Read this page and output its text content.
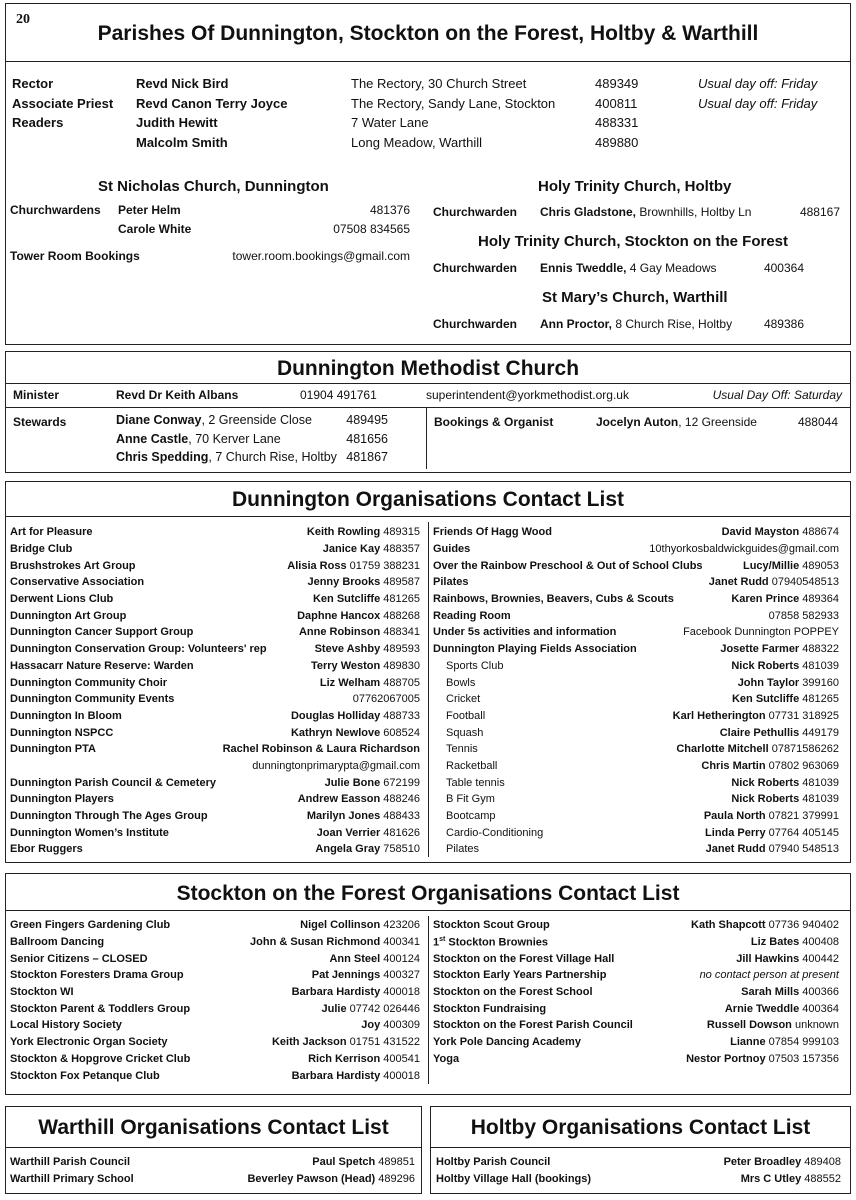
20
Parishes Of Dunnington, Stockton on the Forest, Holtby & Warthill
Rector	Revd Nick Bird	The Rectory, 30 Church Street	489349	Usual day off: Friday
Associate Priest Revd Canon Terry Joyce	The Rectory, Sandy Lane, Stockton	400811	Usual day off: Friday
Readers	Judith Hewitt	7 Water Lane	488331
Malcolm Smith	Long Meadow, Warthill	489880
St Nicholas Church, Dunnington
Churchwardens Peter Helm	481376
Carole White	07508 834565
Tower Room Bookings	tower.room.bookings@gmail.com
Holy Trinity Church, Holtby
Churchwarden Chris Gladstone, Brownhills, Holtby Ln	488167
Holy Trinity Church, Stockton on the Forest
Churchwarden Ennis Tweddle, 4 Gay Meadows	400364
St Mary’s Church, Warthill
Churchwarden Ann Proctor, 8 Church Rise, Holtby	489386
Dunnington Methodist Church
Minister	Revd Dr Keith Albans	01904 491761	superintendent@yorkmethodist.org.uk	Usual Day Off: Saturday
Stewards	Diane Conway, 2 Greenside Close	489495
Anne Castle, 70 Kerver Lane	481656
Chris Spedding, 7 Church Rise, Holtby 481867
Bookings & Organist	Jocelyn Auton, 12 Greenside	488044
Dunnington Organisations Contact List
Art for Pleasure	Keith Rowling 489315
Bridge Club	Janice Kay 488357
Brushstrokes Art Group	Alisia Ross 01759 388231
Conservative Association	Jenny Brooks 489587
Derwent Lions Club	Ken Sutcliffe 481265
Dunnington Art Group	Daphne Hancox 488268
Dunnington Cancer Support Group	Anne Robinson 488341
Dunnington Conservation Group: Volunteers' rep	Steve Ashby 489593
Hassacarr Nature Reserve: Warden	Terry Weston 489830
Dunnington Community Choir	Liz Welham 488705
Dunnington Community Events	07762067005
Dunnington In Bloom	Douglas Holliday 488733
Dunnington NSPCC	Kathryn Newlove 608524
Dunnington PTA	Rachel Robinson & Laura Richardson
dunningtonprimarypta@gmail.com
Dunnington Parish Council & Cemetery	Julie Bone 672199
Dunnington Players	Andrew Easson 488246
Dunnington Through The Ages Group	Marilyn Jones 488433
Dunnington Women’s Institute	Joan Verrier 481626
Ebor Ruggers	Angela Gray 758510
Friends Of Hagg Wood	David Mayston 488674
Guides	10thyorkosbaldwickguides@gmail.com
Over the Rainbow Preschool & Out of School Clubs	Lucy/Millie 489053
Pilates	Janet Rudd 07940548513
Rainbows, Brownies, Beavers, Cubs & Scouts	Karen Prince 489364
Reading Room	07858 582933
Under 5s activities and information	Facebook Dunnington POPPEY
Dunnington Playing Fields Association	Josette Farmer 488322
Sports Club	Nick Roberts 481039
Bowls	John Taylor 399160
Cricket	Ken Sutcliffe 481265
Football	Karl Hetherington 07731 318925
Squash	Claire Pethullis 449179
Tennis	Charlotte Mitchell 07871586262
Racketball	Chris Martin 07802 963069
Table tennis	Nick Roberts 481039
B Fit Gym	Nick Roberts 481039
Bootcamp	Paula North 07821 379991
Cardio-Conditioning	Linda Perry 07764 405145
Pilates	Janet Rudd 07940 548513
Stockton on the Forest Organisations Contact List
Green Fingers Gardening Club	Nigel Collinson 423206
Ballroom Dancing	John & Susan Richmond 400341
Senior Citizens – CLOSED	Ann Steel 400124
Stockton Foresters Drama Group	Pat Jennings 400327
Stockton WI	Barbara Hardisty 400018
Stockton Parent & Toddlers Group	Julie 07742 026446
Local History Society	Joy 400309
York Electronic Organ Society	Keith Jackson 01751 431522
Stockton & Hopgrove Cricket Club	Rich Kerrison 400541
Stockton Fox Petanque Club	Barbara Hardisty 400018
Stockton Scout Group	Kath Shapcott 07736 940402
1st Stockton Brownies	Liz Bates 400408
Stockton on the Forest Village Hall	Jill Hawkins 400442
Stockton Early Years Partnership	no contact person at present
Stockton on the Forest School	Sarah Mills 400366
Stockton Fundraising	Arnie Tweddle 400364
Stockton on the Forest Parish Council	Russell Dowson unknown
York Pole Dancing Academy	Lianne 07854 999103
Yoga	Nestor Portnoy 07503 157356
Warthill Organisations Contact List
Warthill Parish Council	Paul Spetch 489851
Warthill Primary School	Beverley Pawson (Head) 489296
Holtby Organisations Contact List
Holtby Parish Council	Peter Broadley 489408
Holtby Village Hall (bookings)	Mrs C Utley 488552
